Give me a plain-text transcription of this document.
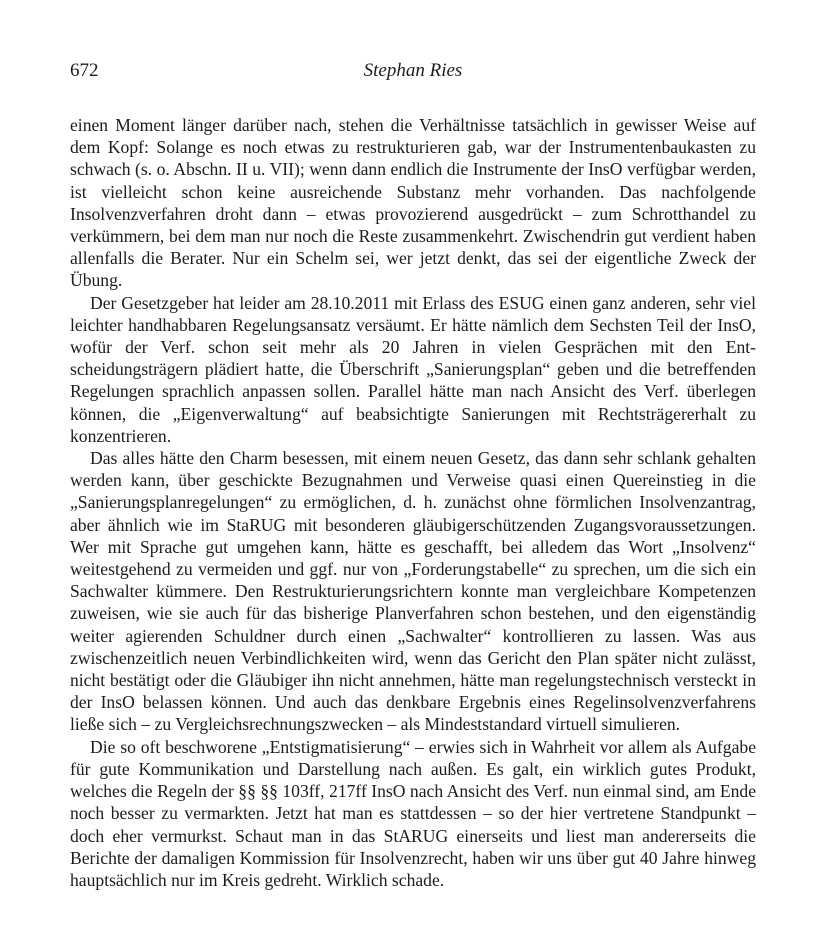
672	Stephan Ries

einen Moment länger darüber nach, stehen die Verhältnisse tatsächlich in gewisser Weise auf dem Kopf: Solange es noch etwas zu restrukturieren gab, war der Instrumentenbaukasten zu schwach (s. o. Abschn. II u. VII); wenn dann endlich die Instrumente der InsO verfügbar werden, ist vielleicht schon keine ausreichende Substanz mehr vorhanden. Das nachfolgende Insolvenzverfahren droht dann – etwas provozierend ausgedrückt – zum Schrotthandel zu verkümmern, bei dem man nur noch die Reste zusammenkehrt. Zwischendrin gut verdient haben allenfalls die Berater. Nur ein Schelm sei, wer jetzt denkt, das sei der eigentliche Zweck der Übung.

Der Gesetzgeber hat leider am 28.10.2011 mit Erlass des ESUG einen ganz anderen, sehr viel leichter handhabbaren Regelungsansatz versäumt. Er hätte nämlich dem Sechsten Teil der InsO, wofür der Verf. schon seit mehr als 20 Jahren in vielen Gesprächen mit den Entscheidungsträgern plädiert hatte, die Überschrift „Sanierungsplan“ geben und die betreffenden Regelungen sprachlich anpassen sollen. Parallel hätte man nach Ansicht des Verf. überlegen können, die „Eigenverwaltung“ auf beabsichtigte Sanierungen mit Rechtsträgererhalt zu konzentrieren.

Das alles hätte den Charm besessen, mit einem neuen Gesetz, das dann sehr schlank gehalten werden kann, über geschickte Bezugnahmen und Verweise quasi einen Quereinstieg in die „Sanierungsplanregelungen“ zu ermöglichen, d. h. zunächst ohne förmlichen Insolvenzantrag, aber ähnlich wie im StaRUG mit besonderen gläubigerschützenden Zugangsvoraussetzungen. Wer mit Sprache gut umgehen kann, hätte es geschafft, bei alledem das Wort „Insolvenz“ weitestgehend zu vermeiden und ggf. nur von „Forderungstabelle“ zu sprechen, um die sich ein Sachwalter kümmere. Den Restrukturierungsrichtern konnte man vergleichbare Kompetenzen zuweisen, wie sie auch für das bisherige Planverfahren schon bestehen, und den eigenständig weiter agierenden Schuldner durch einen „Sachwalter“ kontrollieren zu lassen. Was aus zwischenzeitlich neuen Verbindlichkeiten wird, wenn das Gericht den Plan später nicht zulässt, nicht bestätigt oder die Gläubiger ihn nicht annehmen, hätte man regelungstechnisch versteckt in der InsO belassen können. Und auch das denkbare Ergebnis eines Regelinsolvenzverfahrens ließe sich – zu Vergleichsrechnungszwecken – als Mindeststandard virtuell simulieren.

Die so oft beschworene „Entstigmatisierung“ – erwies sich in Wahrheit vor allem als Aufgabe für gute Kommunikation und Darstellung nach außen. Es galt, ein wirklich gutes Produkt, welches die Regeln der §§ §§ 103ff, 217ff InsO nach Ansicht des Verf. nun einmal sind, am Ende noch besser zu vermarkten. Jetzt hat man es stattdessen – so der hier vertretene Standpunkt – doch eher vermurkst. Schaut man in das StARUG einerseits und liest man andererseits die Berichte der damaligen Kommission für Insolvenzrecht, haben wir uns über gut 40 Jahre hinweg hauptsächlich nur im Kreis gedreht. Wirklich schade.
